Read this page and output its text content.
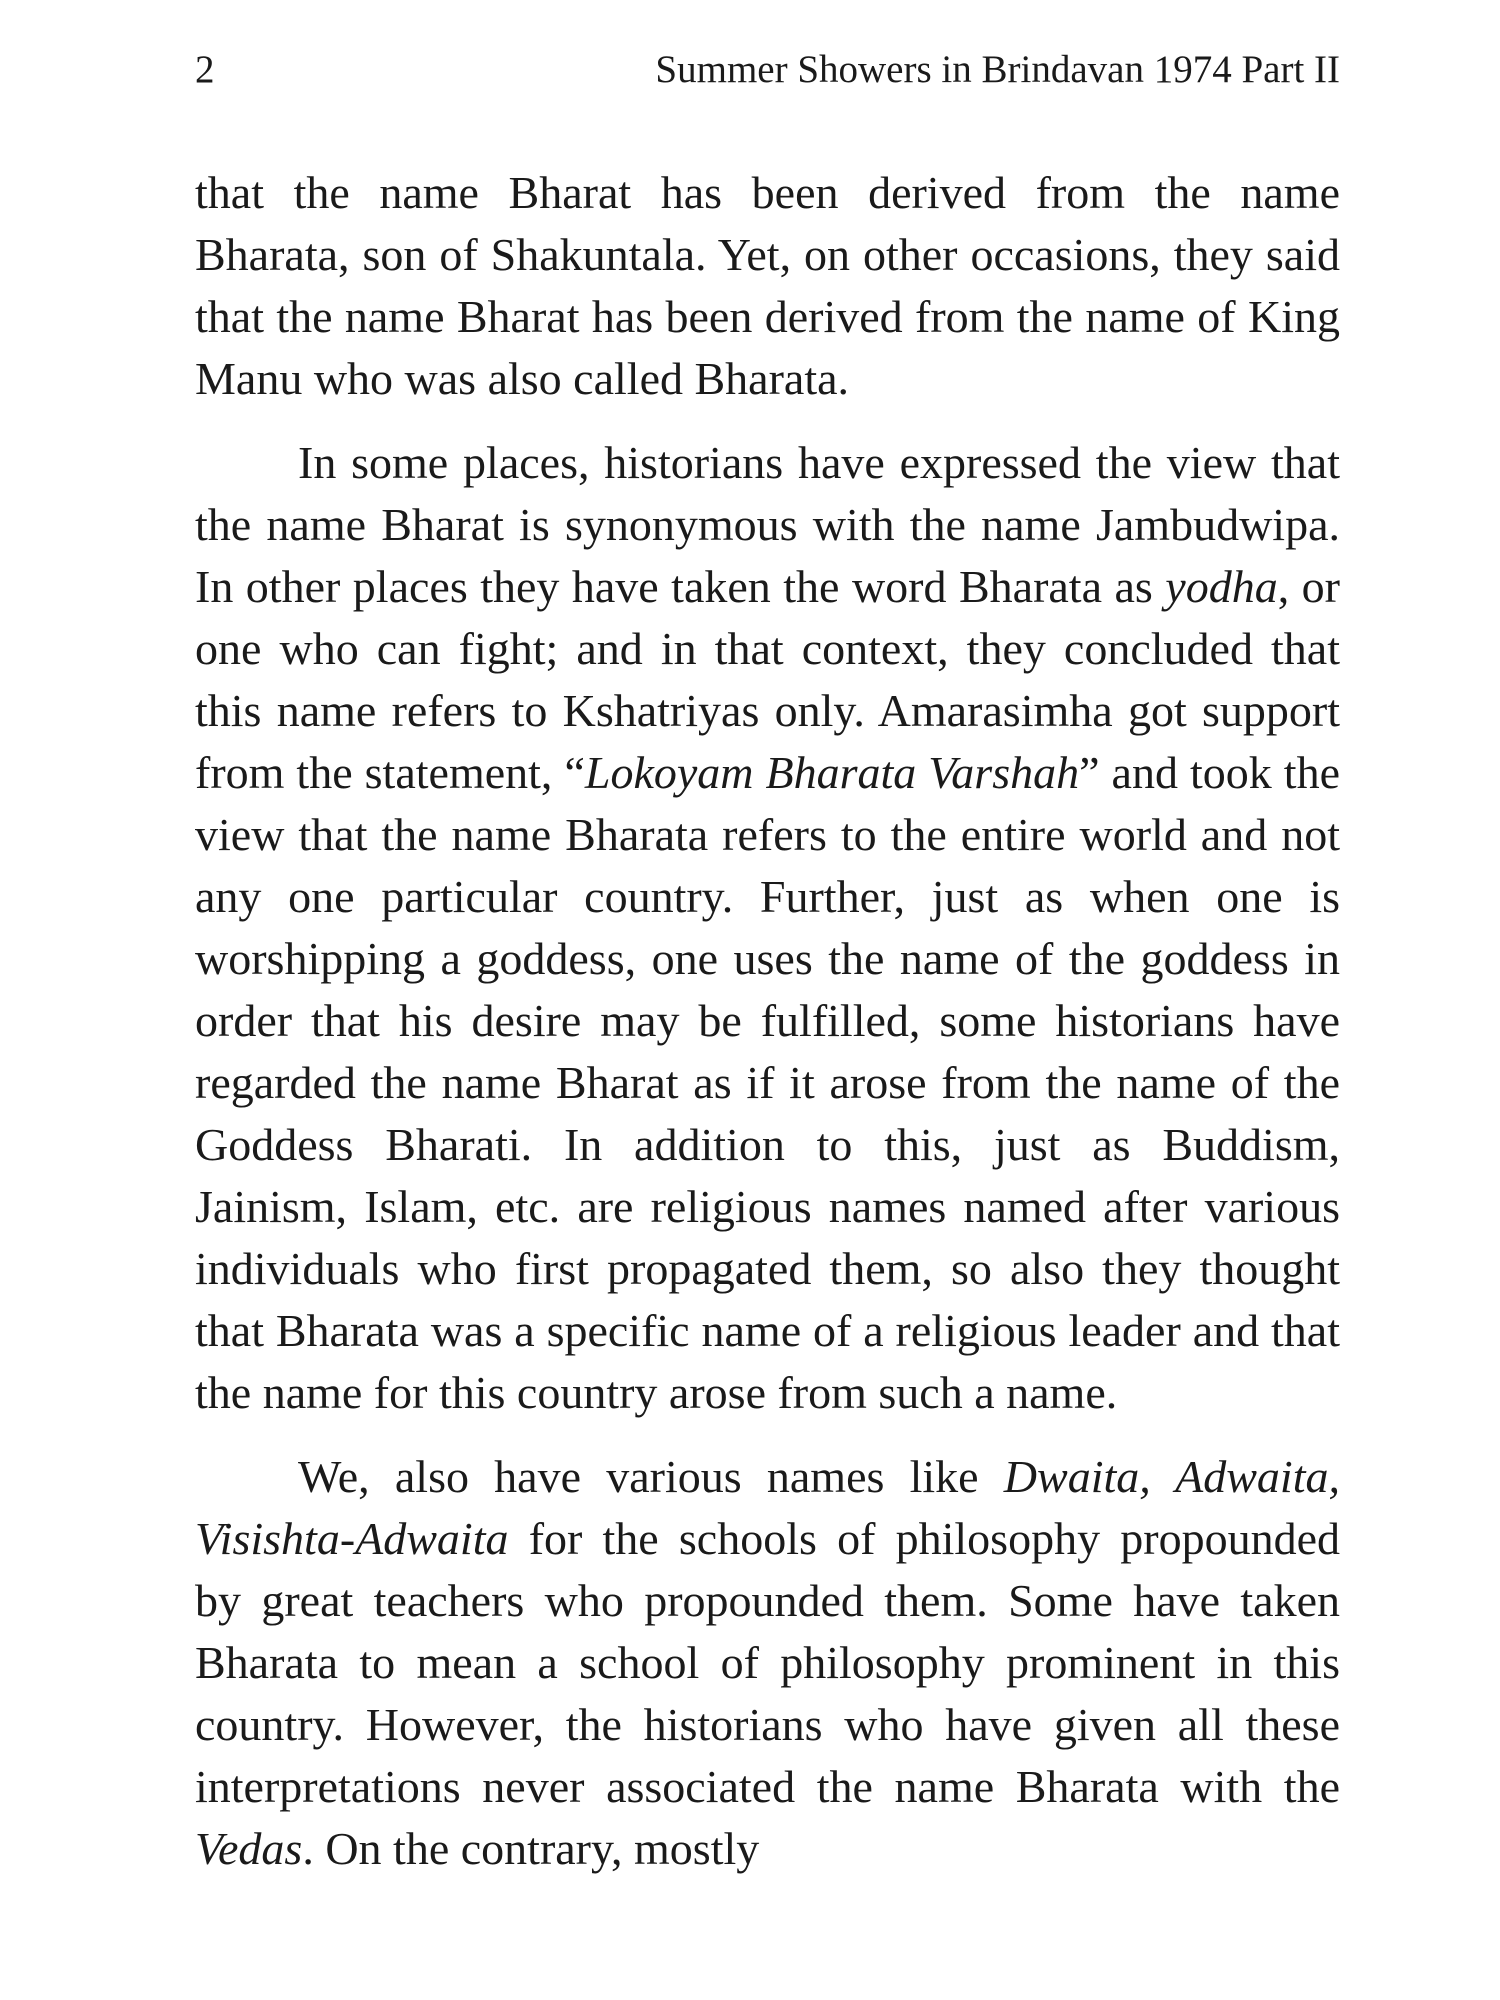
2	Summer Showers in Brindavan 1974 Part II

that the name Bharat has been derived from the name Bharata, son of Shakuntala. Yet, on other occasions, they said that the name Bharat has been derived from the name of King Manu who was also called Bharata.

In some places, historians have expressed the view that the name Bharat is synonymous with the name Jambudwipa. In other places they have taken the word Bharata as yodha, or one who can fight; and in that context, they concluded that this name refers to Kshatriyas only. Amarasimha got support from the statement, “Lokoyam Bharata Varshah” and took the view that the name Bharata refers to the entire world and not any one particular country. Further, just as when one is worshipping a goddess, one uses the name of the goddess in order that his desire may be fulfilled, some historians have regarded the name Bharat as if it arose from the name of the Goddess Bharati. In addition to this, just as Buddism, Jainism, Islam, etc. are religious names named after various individuals who first propagated them, so also they thought that Bharata was a specific name of a religious leader and that the name for this country arose from such a name.

We, also have various names like Dwaita, Adwaita, Visishta-Adwaita for the schools of philosophy propounded by great teachers who propounded them. Some have taken Bharata to mean a school of philosophy prominent in this country. However, the historians who have given all these interpretations never associated the name Bharata with the Vedas. On the contrary, mostly
